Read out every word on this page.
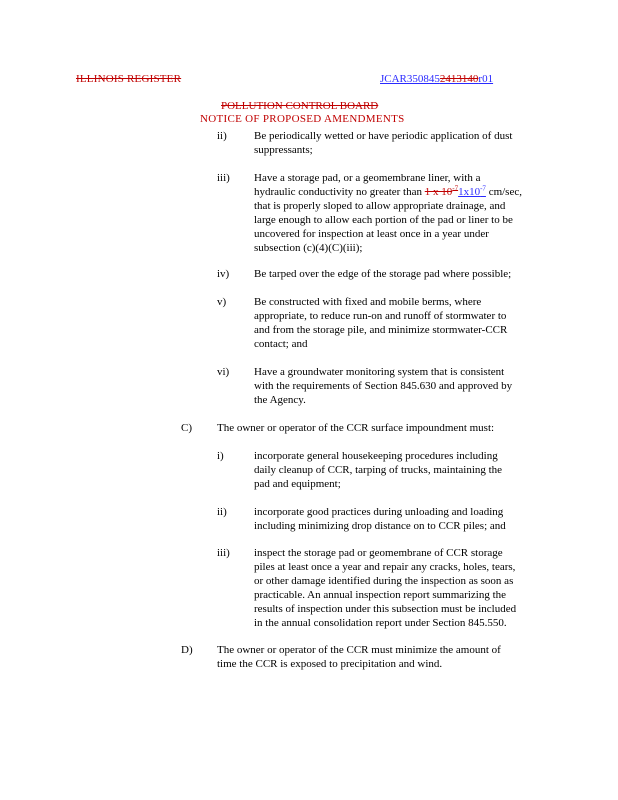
ILLINOIS REGISTER	JCAR3508452413140r01
POLLUTION CONTROL BOARD
NOTICE OF PROPOSED AMENDMENTS
ii) Be periodically wetted or have periodic application of dust
suppressants;
iii) Have a storage pad, or a geomembrane liner, with a
hydraulic conductivity no greater than 1 x $10^{-7}1x10^{-7}$ cm/sec,
that is properly sloped to allow appropriate drainage, and
large enough to allow each portion of the pad or liner to be
uncovered for inspection at least once in a year under
subsection (c)(4)(C)(iii);
iv) Be tarped over the edge of the storage pad where possible;
v)	Be constructed with fixed and mobile berms, where
appropriate, to reduce run-on and runoff of stormwater to
and from the storage pile, and minimize stormwater-CCR
contact; and
vi) Have a groundwater monitoring system that is consistent
with the requirements of Section 845.630 and approved by
the Agency.
C) The owner or operator of the CCR surface impoundment must:
i)	incorporate general housekeeping procedures including
daily cleanup of CCR, tarping of trucks, maintaining the
pad and equipment;
ii) incorporate good practices during unloading and loading
including minimizing drop distance on to CCR piles; and
iii) inspect the storage pad or geomembrane of CCR storage
piles at least once a year and repair any cracks, holes, tears,
or other damage identified during the inspection as soon as
practicable. An annual inspection report summarizing the
results of inspection under this subsection must be included
in the annual consolidation report under Section 845.550.
D) The owner or operator of the CCR must minimize the amount of
time the CCR is exposed to precipitation and wind.
